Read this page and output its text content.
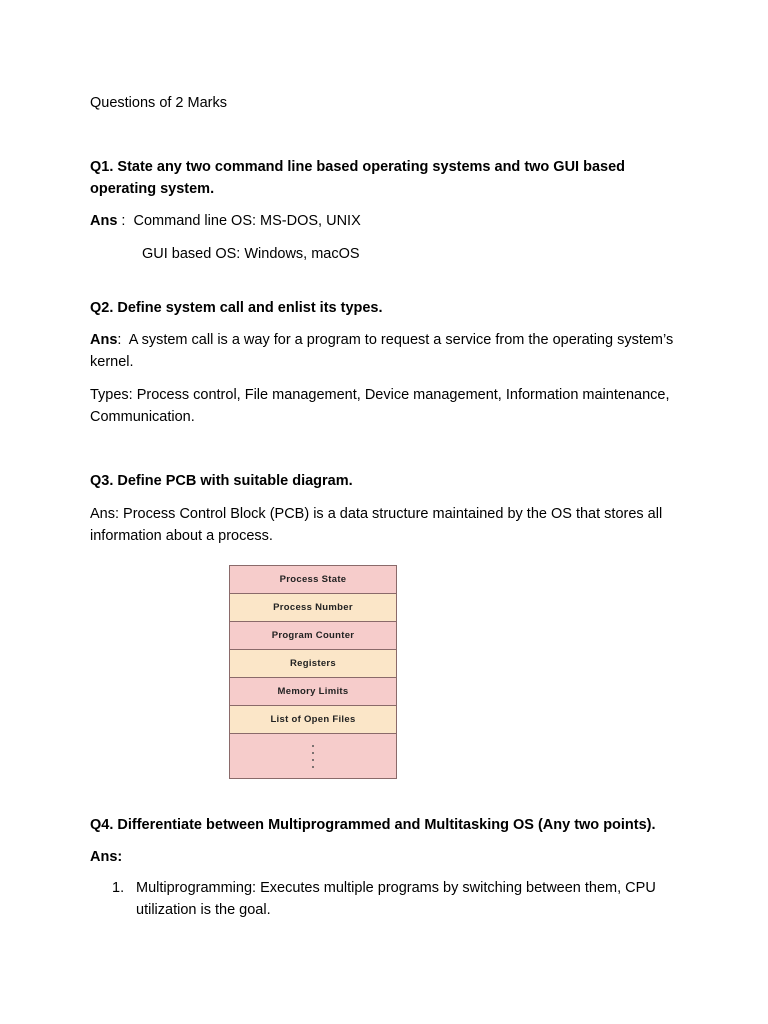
Questions of 2 Marks

Q1. State any two command line based operating systems and two GUI based

operating system.

Ans :  Command line OS: MS-DOS, UNIX

GUI based OS: Windows, macOS

Q2. Define system call and enlist its types.

Ans:  A system call is a way for a program to request a service from the operating system’s

kernel.

Types: Process control, File management, Device management, Information maintenance,

Communication.

Q3. Define PCB with suitable diagram.

Ans: Process Control Block (PCB) is a data structure maintained by the OS that stores all

information about a process.

Process State
Process Number
Program Counter
Registers
Memory Limits
List of Open Files

Q4. Differentiate between Multiprogrammed and Multitasking OS (Any two points).

Ans:

1. Multiprogramming: Executes multiple programs by switching between them, CPU
utilization is the goal.
